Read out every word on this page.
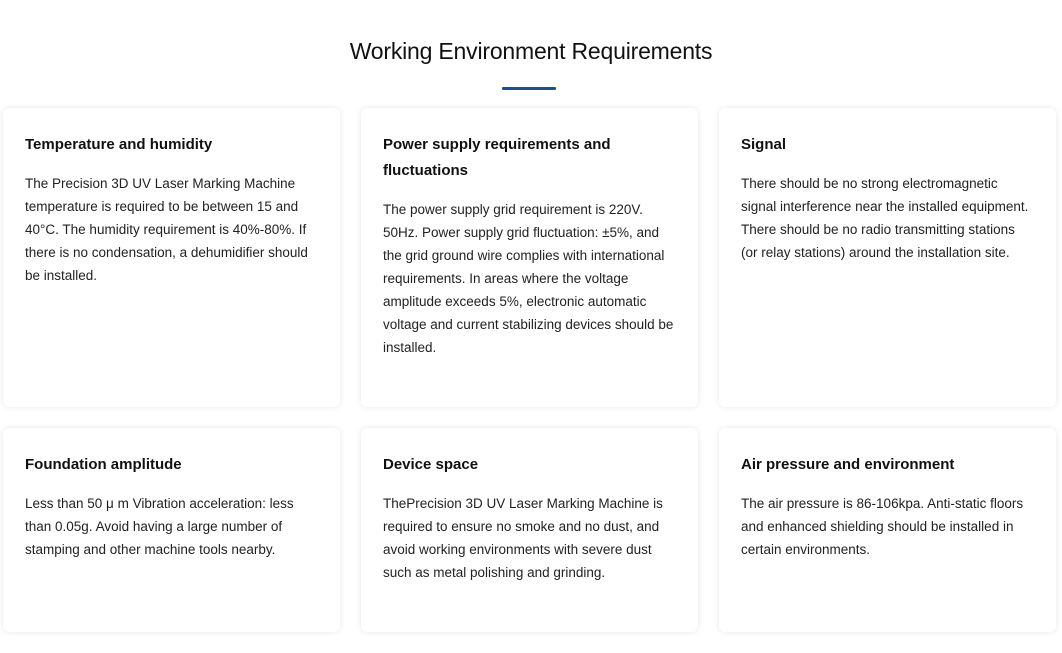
Working Environment Requirements
Temperature and humidity

The Precision 3D UV Laser Marking Machine temperature is required to be between 15 and 40°C. The humidity requirement is 40%-80%. If there is no condensation, a dehumidifier should be installed.

Power supply requirements and fluctuations

The power supply grid requirement is 220V. 50Hz. Power supply grid fluctuation: ±5%, and the grid ground wire complies with international requirements. In areas where the voltage amplitude exceeds 5%, electronic automatic voltage and current stabilizing devices should be installed.

Signal

There should be no strong electromagnetic signal interference near the installed equipment. There should be no radio transmitting stations (or relay stations) around the installation site.

Foundation amplitude

Less than 50 μ m Vibration acceleration: less than 0.05g. Avoid having a large number of stamping and other machine tools nearby.

Device space

ThePrecision 3D UV Laser Marking Machine is required to ensure no smoke and no dust, and avoid working environments with severe dust such as metal polishing and grinding.

Air pressure and environment

The air pressure is 86-106kpa. Anti-static floors and enhanced shielding should be installed in certain environments.
